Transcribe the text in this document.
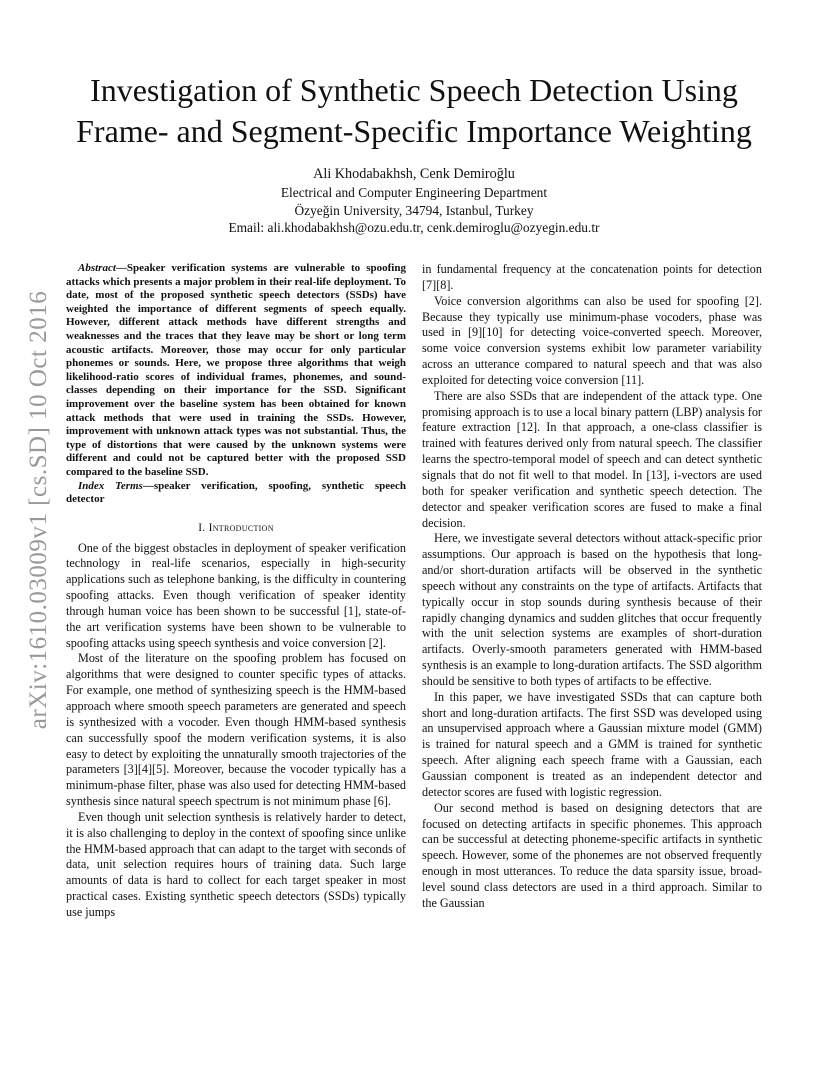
Investigation of Synthetic Speech Detection Using Frame- and Segment-Specific Importance Weighting
Ali Khodabakhsh, Cenk Demiroğlu
Electrical and Computer Engineering Department
Özyeğin University, 34794, Istanbul, Turkey
Email: ali.khodabakhsh@ozu.edu.tr, cenk.demiroglu@ozyegin.edu.tr
arXiv:1610.03009v1 [cs.SD] 10 Oct 2016

Abstract—Speaker verification systems are vulnerable to spoofing attacks which presents a major problem in their real-life deployment. To date, most of the proposed synthetic speech detectors (SSDs) have weighted the importance of different segments of speech equally. However, different attack methods have different strengths and weaknesses and the traces that they leave may be short or long term acoustic artifacts. Moreover, those may occur for only particular phonemes or sounds. Here, we propose three algorithms that weigh likelihood-ratio scores of individual frames, phonemes, and sound-classes depending on their importance for the SSD. Significant improvement over the baseline system has been obtained for known attack methods that were used in training the SSDs. However, improvement with unknown attack types was not substantial. Thus, the type of distortions that were caused by the unknown systems were different and could not be captured better with the proposed SSD compared to the baseline SSD.

Index Terms—speaker verification, spoofing, synthetic speech detector

I. Introduction

One of the biggest obstacles in deployment of speaker verification technology in real-life scenarios, especially in high-security applications such as telephone banking, is the difficulty in countering spoofing attacks. Even though verification of speaker identity through human voice has been shown to be successful [1], state-of-the art verification systems have been shown to be vulnerable to spoofing attacks using speech synthesis and voice conversion [2].

Most of the literature on the spoofing problem has focused on algorithms that were designed to counter specific types of attacks. For example, one method of synthesizing speech is the HMM-based approach where smooth speech parameters are generated and speech is synthesized with a vocoder. Even though HMM-based synthesis can successfully spoof the modern verification systems, it is also easy to detect by exploiting the unnaturally smooth trajectories of the parameters [3][4][5]. Moreover, because the vocoder typically has a minimum-phase filter, phase was also used for detecting HMM-based synthesis since natural speech spectrum is not minimum phase [6].

Even though unit selection synthesis is relatively harder to detect, it is also challenging to deploy in the context of spoofing since unlike the HMM-based approach that can adapt to the target with seconds of data, unit selection requires hours of training data. Such large amounts of data is hard to collect for each target speaker in most practical cases. Existing synthetic speech detectors (SSDs) typically use jumps

in fundamental frequency at the concatenation points for detection [7][8].

Voice conversion algorithms can also be used for spoofing [2]. Because they typically use minimum-phase vocoders, phase was used in [9][10] for detecting voice-converted speech. Moreover, some voice conversion systems exhibit low parameter variability across an utterance compared to natural speech and that was also exploited for detecting voice conversion [11].

There are also SSDs that are independent of the attack type. One promising approach is to use a local binary pattern (LBP) analysis for feature extraction [12]. In that approach, a one-class classifier is trained with features derived only from natural speech. The classifier learns the spectro-temporal model of speech and can detect synthetic signals that do not fit well to that model. In [13], i-vectors are used both for speaker verification and synthetic speech detection. The detector and speaker verification scores are fused to make a final decision.

Here, we investigate several detectors without attack-specific prior assumptions. Our approach is based on the hypothesis that long- and/or short-duration artifacts will be observed in the synthetic speech without any constraints on the type of artifacts. Artifacts that typically occur in stop sounds during synthesis because of their rapidly changing dynamics and sudden glitches that occur frequently with the unit selection systems are examples of short-duration artifacts. Overly-smooth parameters generated with HMM-based synthesis is an example to long-duration artifacts. The SSD algorithm should be sensitive to both types of artifacts to be effective.

In this paper, we have investigated SSDs that can capture both short and long-duration artifacts. The first SSD was developed using an unsupervised approach where a Gaussian mixture model (GMM) is trained for natural speech and a GMM is trained for synthetic speech. After aligning each speech frame with a Gaussian, each Gaussian component is treated as an independent detector and detector scores are fused with logistic regression.

Our second method is based on designing detectors that are focused on detecting artifacts in specific phonemes. This approach can be successful at detecting phoneme-specific artifacts in synthetic speech. However, some of the phonemes are not observed frequently enough in most utterances. To reduce the data sparsity issue, broad-level sound class detectors are used in a third approach. Similar to the Gaussian
